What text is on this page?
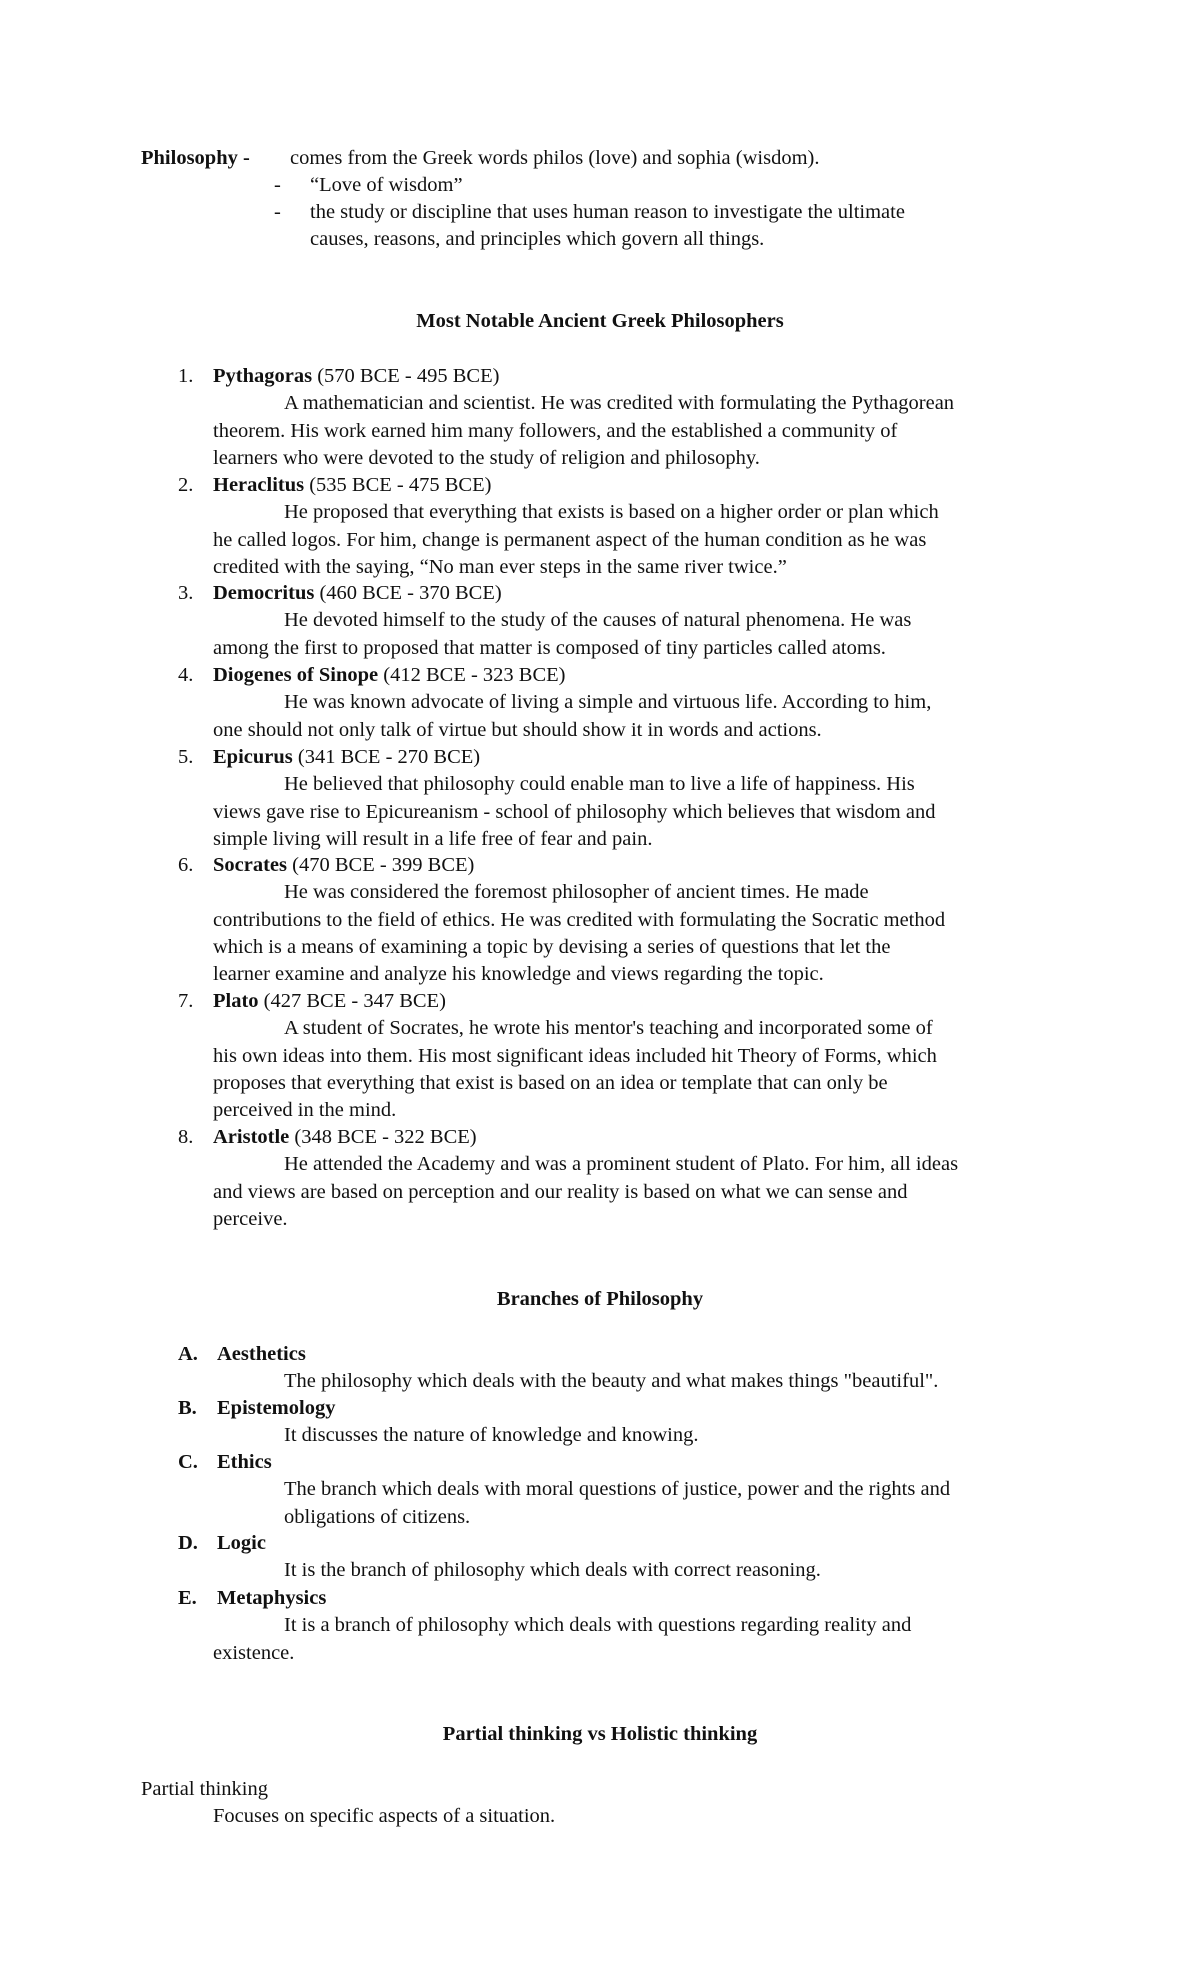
Philosophy - comes from the Greek words philos (love) and sophia (wisdom).
- “Love of wisdom”
- the study or discipline that uses human reason to investigate the ultimate
causes, reasons, and principles which govern all things.
Most Notable Ancient Greek Philosophers
1. Pythagoras (570 BCE - 495 BCE)
A mathematician and scientist. He was credited with formulating the Pythagorean
theorem. His work earned him many followers, and the established a community of
learners who were devoted to the study of religion and philosophy.
2. Heraclitus (535 BCE - 475 BCE)
He proposed that everything that exists is based on a higher order or plan which
he called logos. For him, change is permanent aspect of the human condition as he was
credited with the saying, “No man ever steps in the same river twice.”
3. Democritus (460 BCE - 370 BCE)
He devoted himself to the study of the causes of natural phenomena. He was
among the first to proposed that matter is composed of tiny particles called atoms.
4. Diogenes of Sinope (412 BCE - 323 BCE)
He was known advocate of living a simple and virtuous life. According to him,
one should not only talk of virtue but should show it in words and actions.
5. Epicurus (341 BCE - 270 BCE)
He believed that philosophy could enable man to live a life of happiness. His
views gave rise to Epicureanism - school of philosophy which believes that wisdom and
simple living will result in a life free of fear and pain.
6. Socrates (470 BCE - 399 BCE)
He was considered the foremost philosopher of ancient times. He made
contributions to the field of ethics. He was credited with formulating the Socratic method
which is a means of examining a topic by devising a series of questions that let the
learner examine and analyze his knowledge and views regarding the topic.
7. Plato (427 BCE - 347 BCE)
A student of Socrates, he wrote his mentor's teaching and incorporated some of
his own ideas into them. His most significant ideas included hit Theory of Forms, which
proposes that everything that exist is based on an idea or template that can only be
perceived in the mind.
8. Aristotle (348 BCE - 322 BCE)
He attended the Academy and was a prominent student of Plato. For him, all ideas
and views are based on perception and our reality is based on what we can sense and
perceive.
Branches of Philosophy
A. Aesthetics
The philosophy which deals with the beauty and what makes things "beautiful".
B. Epistemology
It discusses the nature of knowledge and knowing.
C. Ethics
The branch which deals with moral questions of justice, power and the rights and
obligations of citizens.
D. Logic
It is the branch of philosophy which deals with correct reasoning.
E. Metaphysics
It is a branch of philosophy which deals with questions regarding reality and
existence.
Partial thinking vs Holistic thinking
Partial thinking
Focuses on specific aspects of a situation.
